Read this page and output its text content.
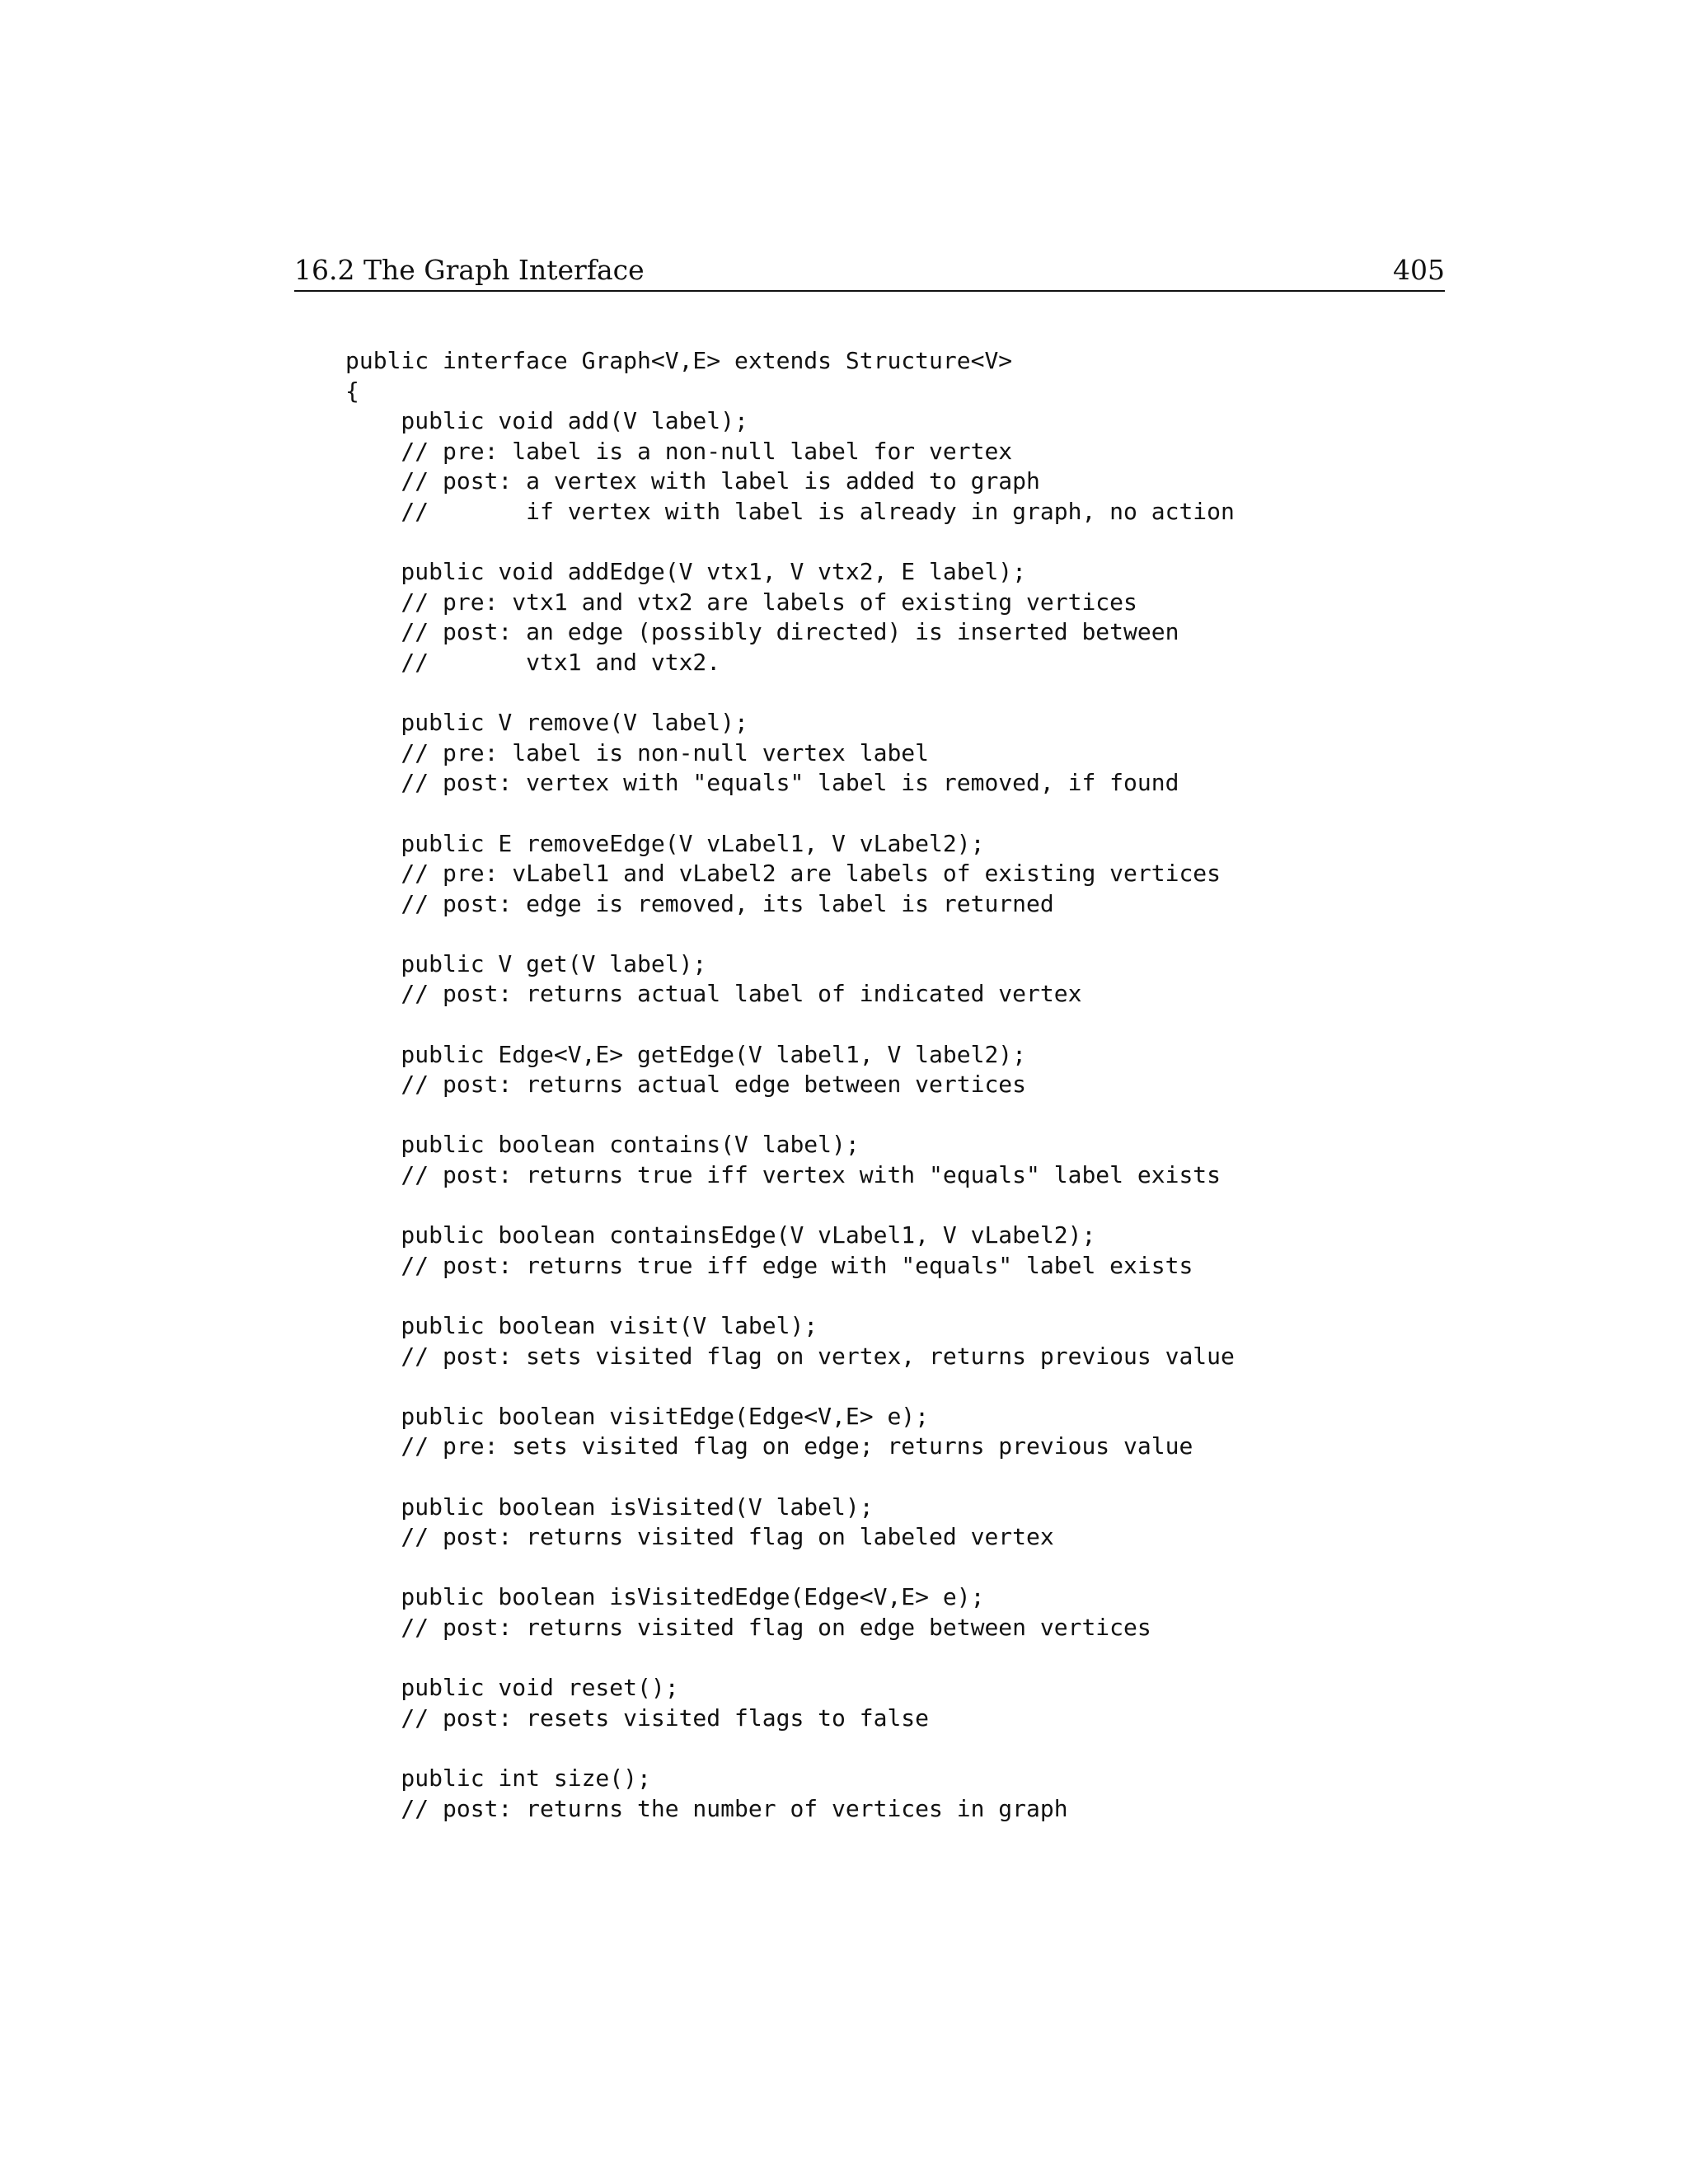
16.2 The Graph Interface	405
public interface Graph<V,E> extends Structure<V>
{
public void add(V label);
// pre: label is a non-null label for vertex
// post: a vertex with label is added to graph
//       if vertex with label is already in graph, no action
public void addEdge(V vtx1, V vtx2, E label);
// pre: vtx1 and vtx2 are labels of existing vertices
// post: an edge (possibly directed) is inserted between
//       vtx1 and vtx2.
public V remove(V label);
// pre: label is non-null vertex label
// post: vertex with "equals" label is removed, if found
public E removeEdge(V vLabel1, V vLabel2);
// pre: vLabel1 and vLabel2 are labels of existing vertices
// post: edge is removed, its label is returned
public V get(V label);
// post: returns actual label of indicated vertex
public Edge<V,E> getEdge(V label1, V label2);
// post: returns actual edge between vertices
public boolean contains(V label);
// post: returns true iff vertex with "equals" label exists
public boolean containsEdge(V vLabel1, V vLabel2);
// post: returns true iff edge with "equals" label exists
public boolean visit(V label);
// post: sets visited flag on vertex, returns previous value
public boolean visitEdge(Edge<V,E> e);
// pre: sets visited flag on edge; returns previous value
public boolean isVisited(V label);
// post: returns visited flag on labeled vertex
public boolean isVisitedEdge(Edge<V,E> e);
// post: returns visited flag on edge between vertices
public void reset();
// post: resets visited flags to false
public int size();
// post: returns the number of vertices in graph
